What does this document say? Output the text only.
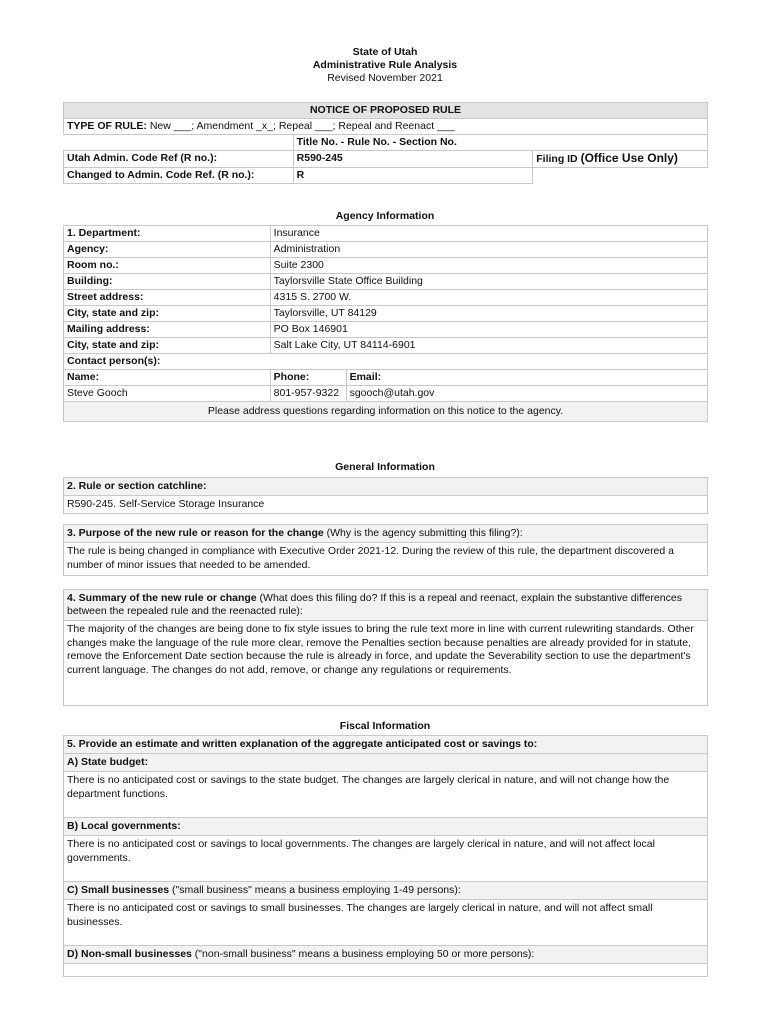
State of Utah
Administrative Rule Analysis
Revised November 2021
NOTICE OF PROPOSED RULE		
TYPE OF RULE: New ___; Amendment _x_; Repeal ___; Repeal and Reenact ___		
	Title No. - Rule No. - Section No.	
Utah Admin. Code Ref (R no.):	R590-245	Filing ID (Office Use Only)
Changed to Admin. Code Ref. (R no.):	R	
Agency Information
1. Department:	Insurance	
Agency:	Administration	
Room no.:	Suite 2300	
Building:	Taylorsville State Office Building	
Street address:	4315 S. 2700 W.	
City, state and zip:	Taylorsville, UT 84129	
Mailing address:	PO Box 146901	
City, state and zip:	Salt Lake City, UT 84114-6901	
Contact person(s):		
Name:	Phone:	Email:
Steve Gooch	801-957-9322	sgooch@utah.gov
Please address questions regarding information on this notice to the agency.		
General Information
2. Rule or section catchline:
R590-245. Self-Service Storage Insurance
3. Purpose of the new rule or reason for the change (Why is the agency submitting this filing?):
The rule is being changed in compliance with Executive Order 2021-12. During the review of this rule, the department discovered a number of minor issues that needed to be amended.
4. Summary of the new rule or change (What does this filing do? If this is a repeal and reenact, explain the substantive differences between the repealed rule and the reenacted rule):
The majority of the changes are being done to fix style issues to bring the rule text more in line with current rulewriting standards. Other changes make the language of the rule more clear, remove the Penalties section because penalties are already provided for in statute, remove the Enforcement Date section because the rule is already in force, and update the Severability section to use the department's current language. The changes do not add, remove, or change any regulations or requirements.
Fiscal Information
5. Provide an estimate and written explanation of the aggregate anticipated cost or savings to:
A) State budget:
There is no anticipated cost or savings to the state budget. The changes are largely clerical in nature, and will not change how the department functions.
B) Local governments:
There is no anticipated cost or savings to local governments. The changes are largely clerical in nature, and will not affect local governments.
C) Small businesses ("small business" means a business employing 1-49 persons):
There is no anticipated cost or savings to small businesses. The changes are largely clerical in nature, and will not affect small businesses.
D) Non-small businesses ("non-small business" means a business employing 50 or more persons):
